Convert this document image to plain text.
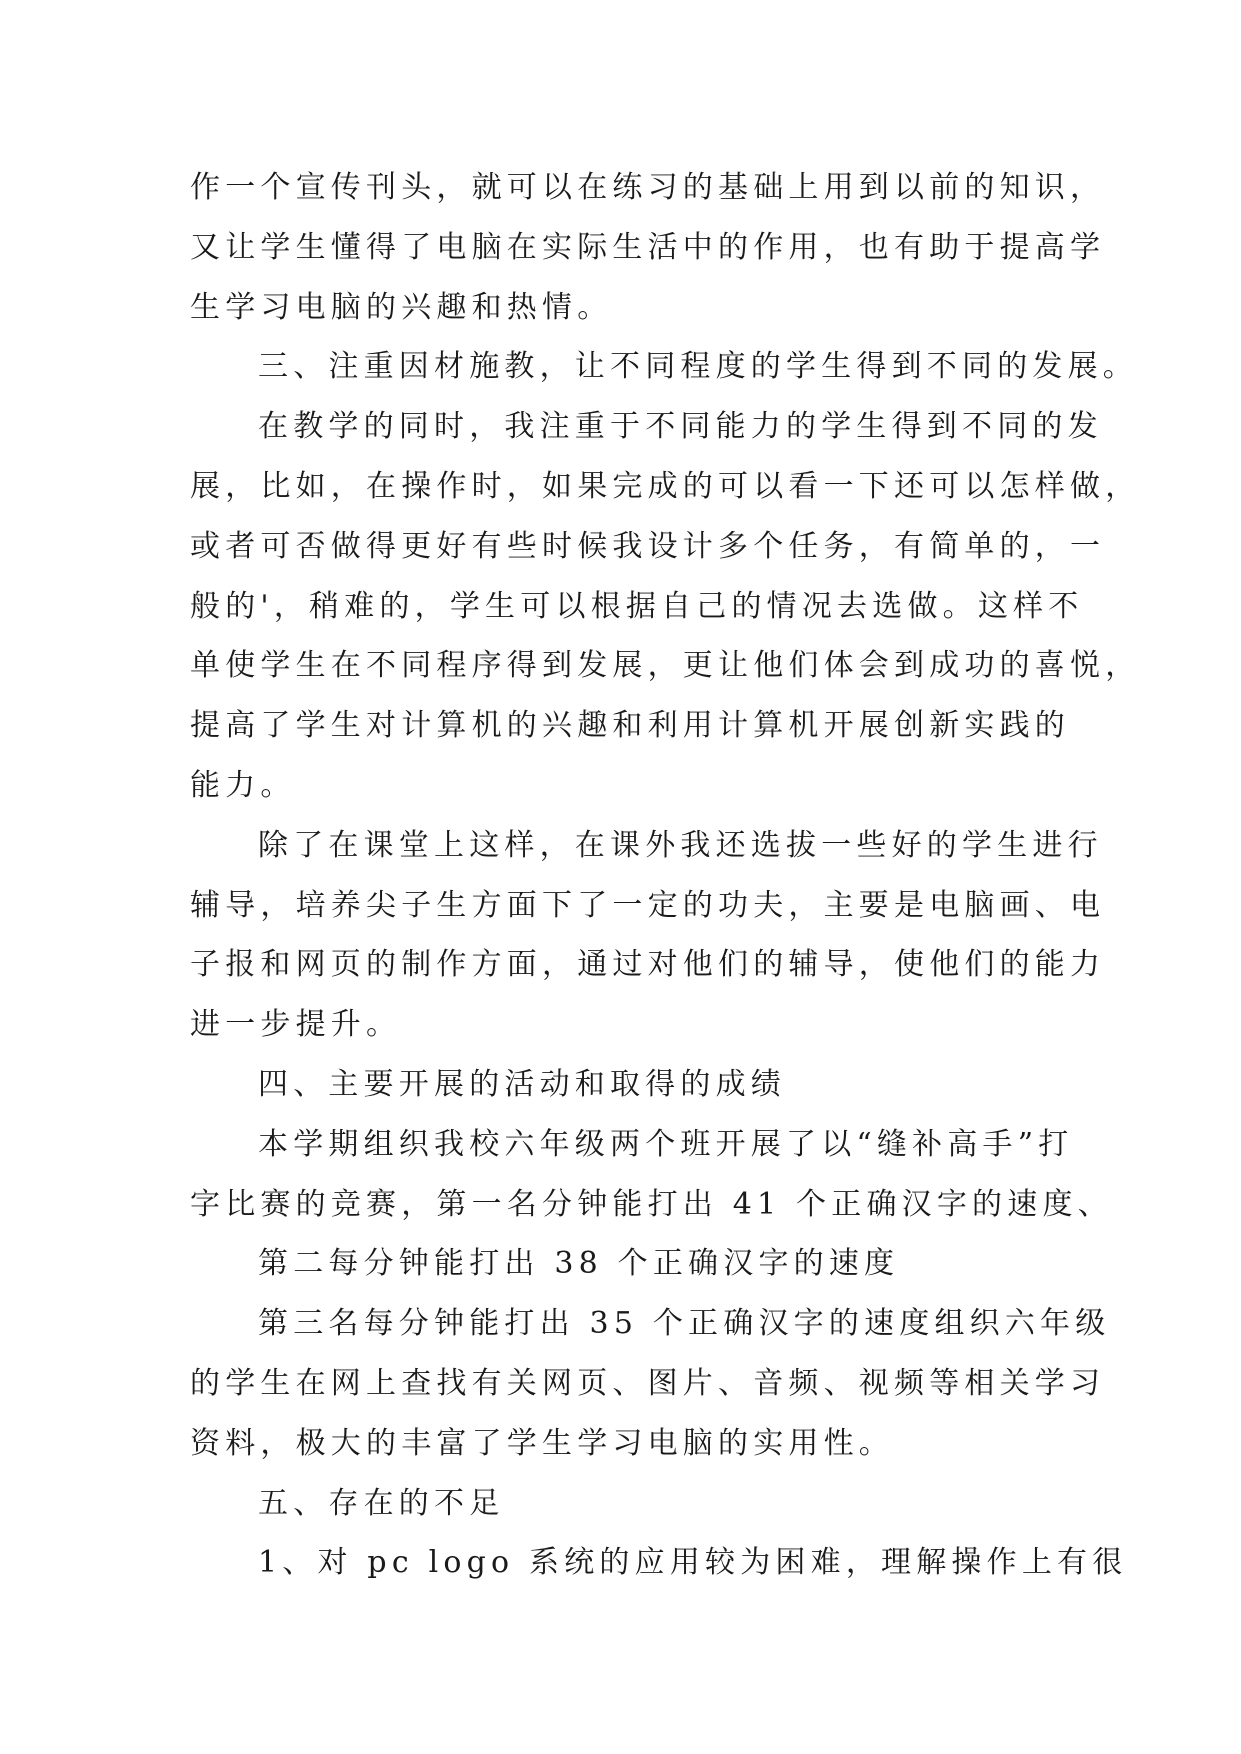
作一个宣传刊头，就可以在练习的基础上用到以前的知识，
又让学生懂得了电脑在实际生活中的作用，也有助于提高学
生学习电脑的兴趣和热情。
三、注重因材施教，让不同程度的学生得到不同的发展。
在教学的同时，我注重于不同能力的学生得到不同的发
展，比如，在操作时，如果完成的可以看一下还可以怎样做，
或者可否做得更好有些时候我设计多个任务，有简单的，一
般的'，稍难的，学生可以根据自己的情况去选做。这样不
单使学生在不同程序得到发展，更让他们体会到成功的喜悦，
提高了学生对计算机的兴趣和利用计算机开展创新实践的
能力。
除了在课堂上这样，在课外我还选拔一些好的学生进行
辅导，培养尖子生方面下了一定的功夫，主要是电脑画、电
子报和网页的制作方面，通过对他们的辅导，使他们的能力
进一步提升。
四、主要开展的活动和取得的成绩
本学期组织我校六年级两个班开展了以“缝补高手”打
字比赛的竞赛，第一名分钟能打出 41 个正确汉字的速度、
第二每分钟能打出 38 个正确汉字的速度
第三名每分钟能打出 35 个正确汉字的速度组织六年级
的学生在网上查找有关网页、图片、音频、视频等相关学习
资料，极大的丰富了学生学习电脑的实用性。
五、存在的不足
1、对 pc logo 系统的应用较为困难，理解操作上有很
